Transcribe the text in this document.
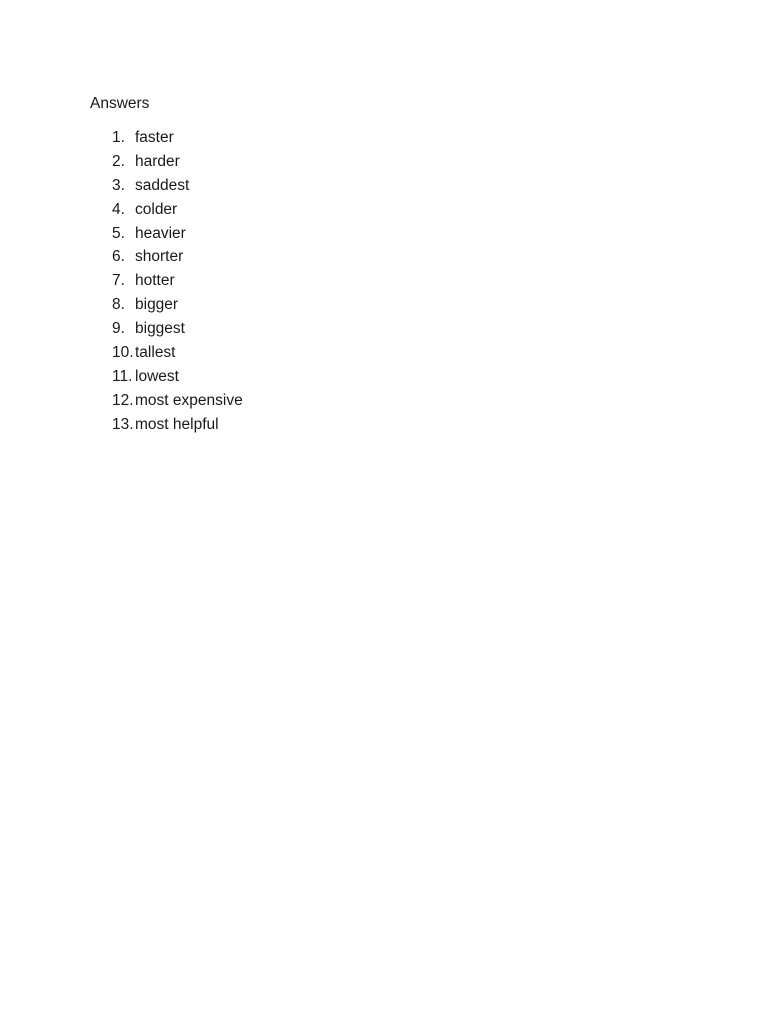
Answers
1. faster
2. harder
3. saddest
4. colder
5. heavier
6. shorter
7. hotter
8. bigger
9. biggest
10. tallest
11. lowest
12. most expensive
13. most helpful
